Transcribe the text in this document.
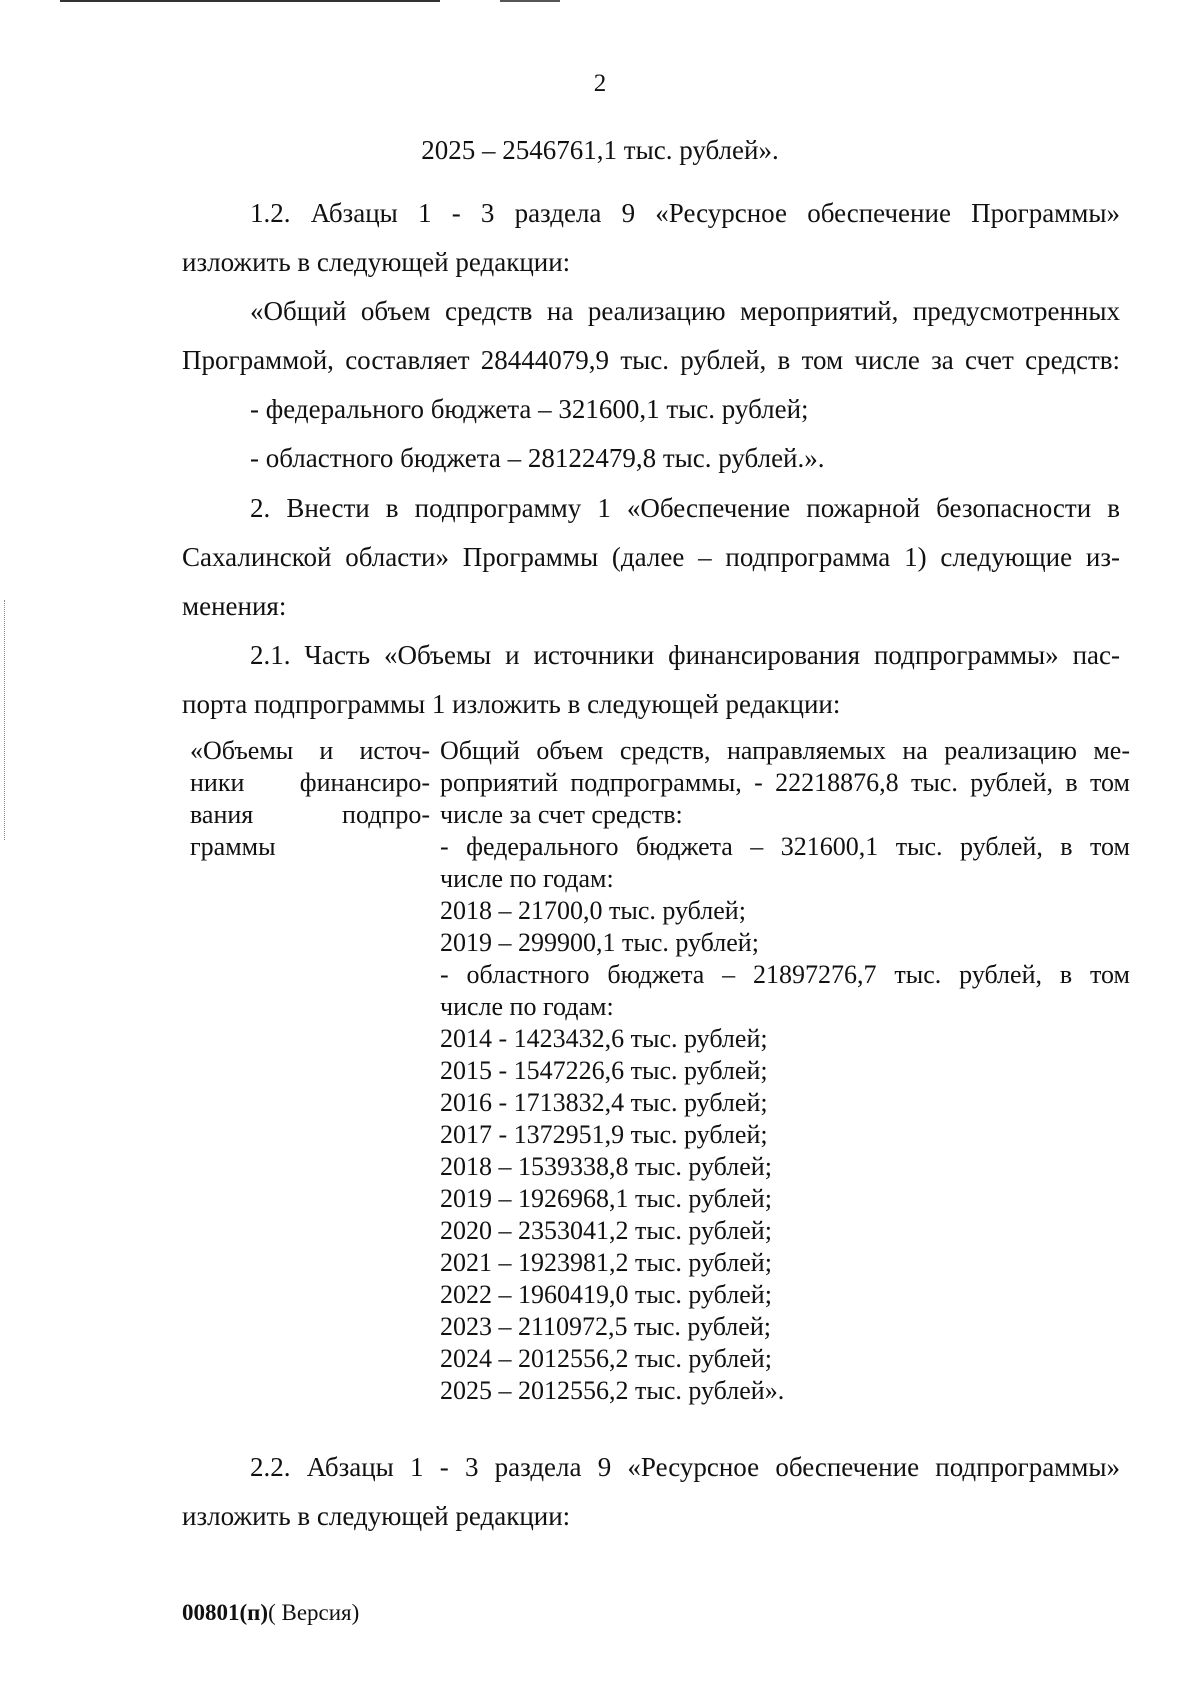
2
2025 – 2546761,1 тыс. рублей».
1.2. Абзацы 1 - 3 раздела 9 «Ресурсное обеспечение Программы»
изложить в следующей редакции:
«Общий объем средств на реализацию мероприятий, предусмотренных
Программой, составляет 28444079,9 тыс. рублей, в том числе за счет средств:
- федерального бюджета – 321600,1 тыс. рублей;
- областного бюджета – 28122479,8 тыс. рублей.».
2. Внести в подпрограмму 1 «Обеспечение пожарной безопасности в
Сахалинской области» Программы (далее – подпрограмма 1) следующие из-
менения:
2.1. Часть «Объемы и источники финансирования подпрограммы» пас-
порта подпрограммы 1 изложить в следующей редакции:
«Объемы и источ-
ники финансиро-
вания подпро-
граммы
Общий объем средств, направляемых на реализацию ме-
роприятий подпрограммы, - 22218876,8 тыс. рублей, в том
числе за счет средств:
- федерального бюджета – 321600,1 тыс. рублей, в том
числе по годам:
2018 – 21700,0 тыс. рублей;
2019 – 299900,1 тыс. рублей;
- областного бюджета – 21897276,7 тыс. рублей, в том
числе по годам:
2014 - 1423432,6 тыс. рублей;
2015 - 1547226,6 тыс. рублей;
2016 - 1713832,4 тыс. рублей;
2017 - 1372951,9 тыс. рублей;
2018 – 1539338,8 тыс. рублей;
2019 – 1926968,1 тыс. рублей;
2020 – 2353041,2 тыс. рублей;
2021 – 1923981,2 тыс. рублей;
2022 – 1960419,0 тыс. рублей;
2023 – 2110972,5 тыс. рублей;
2024 – 2012556,2 тыс. рублей;
2025 – 2012556,2 тыс. рублей».
2.2. Абзацы 1 - 3 раздела 9 «Ресурсное обеспечение подпрограммы»
изложить в следующей редакции:
00801(п)( Версия)
